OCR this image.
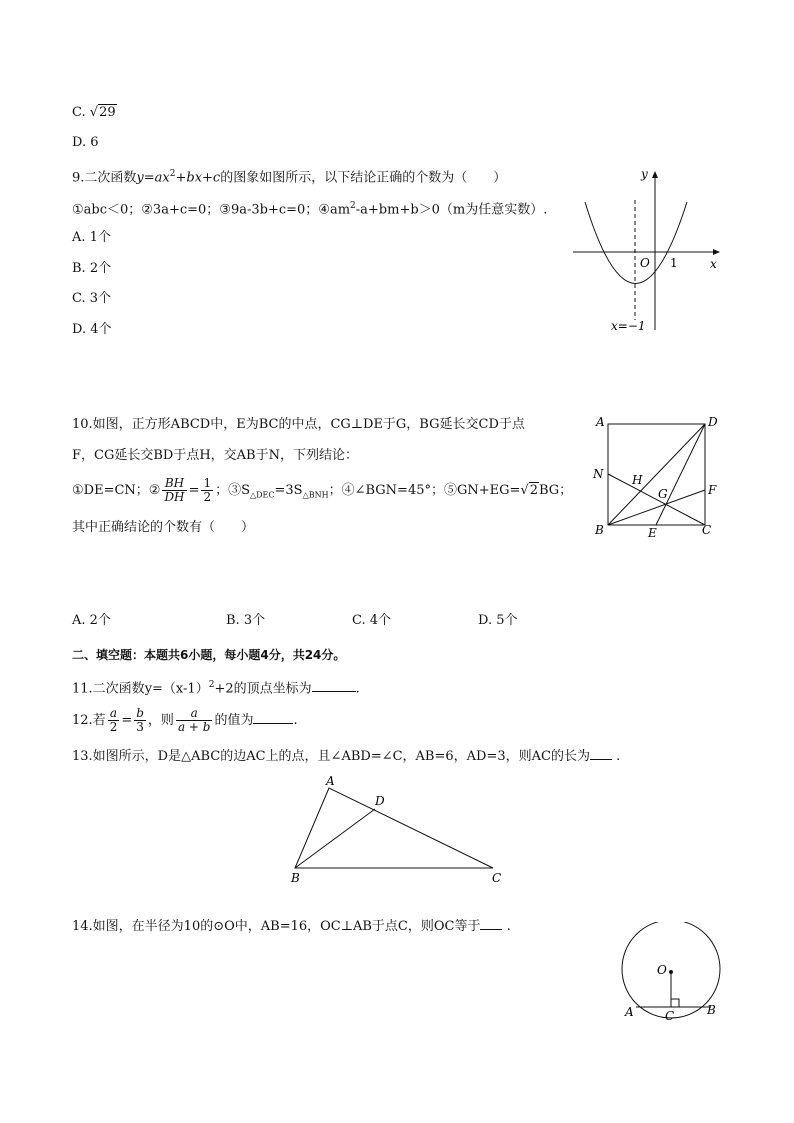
C. √29
D. 6
9.二次函数$y=ax^2+bx+c$的图象如图所示，以下结论正确的个数为（　　）
①abc＜0；②3a+c=0；③9a-3b+c=0；$④am^2-a+bm+b>0(m$为任意实数）.
A. 1个
B. 2个
C. 3个
D. 4个
y
x
O 1
x=−1
10.如图，正方形ABCD中，E为BC的中点，CG⊥DE于G，BG延长交CD于点
F，CG延长交BD于点H，交AB于N，下列结论：
①DE=CN；② $\frac{BH}{DH} = \frac{1}{2}$ ；$③S_{\triangle DEC}=3S_{\triangle BNH}$；④∠BGN=45°；⑤GN+EG=√2BG；
其中正确结论的个数有（　　）
A. 2个	B. 3个	C. 4个	D. 5个
A	D
N H
G	F
B	E	C
二、填空题：本题共6小题，每小题4分，共24分。
11.二次函数$y=(x-1)^2+2$的顶点坐标为	.
12.若 $\frac{a}{2} = \frac{b}{3}$ ，则 $\frac{a}{a + b}$ 的值为	.
13.如图所示，D是△ABC的边AC上的点，且∠ABD=∠C，AB=6，AD=3，则AC的长为 .
A
D
B	C
14.如图，在半径为10的⊙O中，AB=16，OC⊥AB于点C，则OC等于 .
O
A	C	B
